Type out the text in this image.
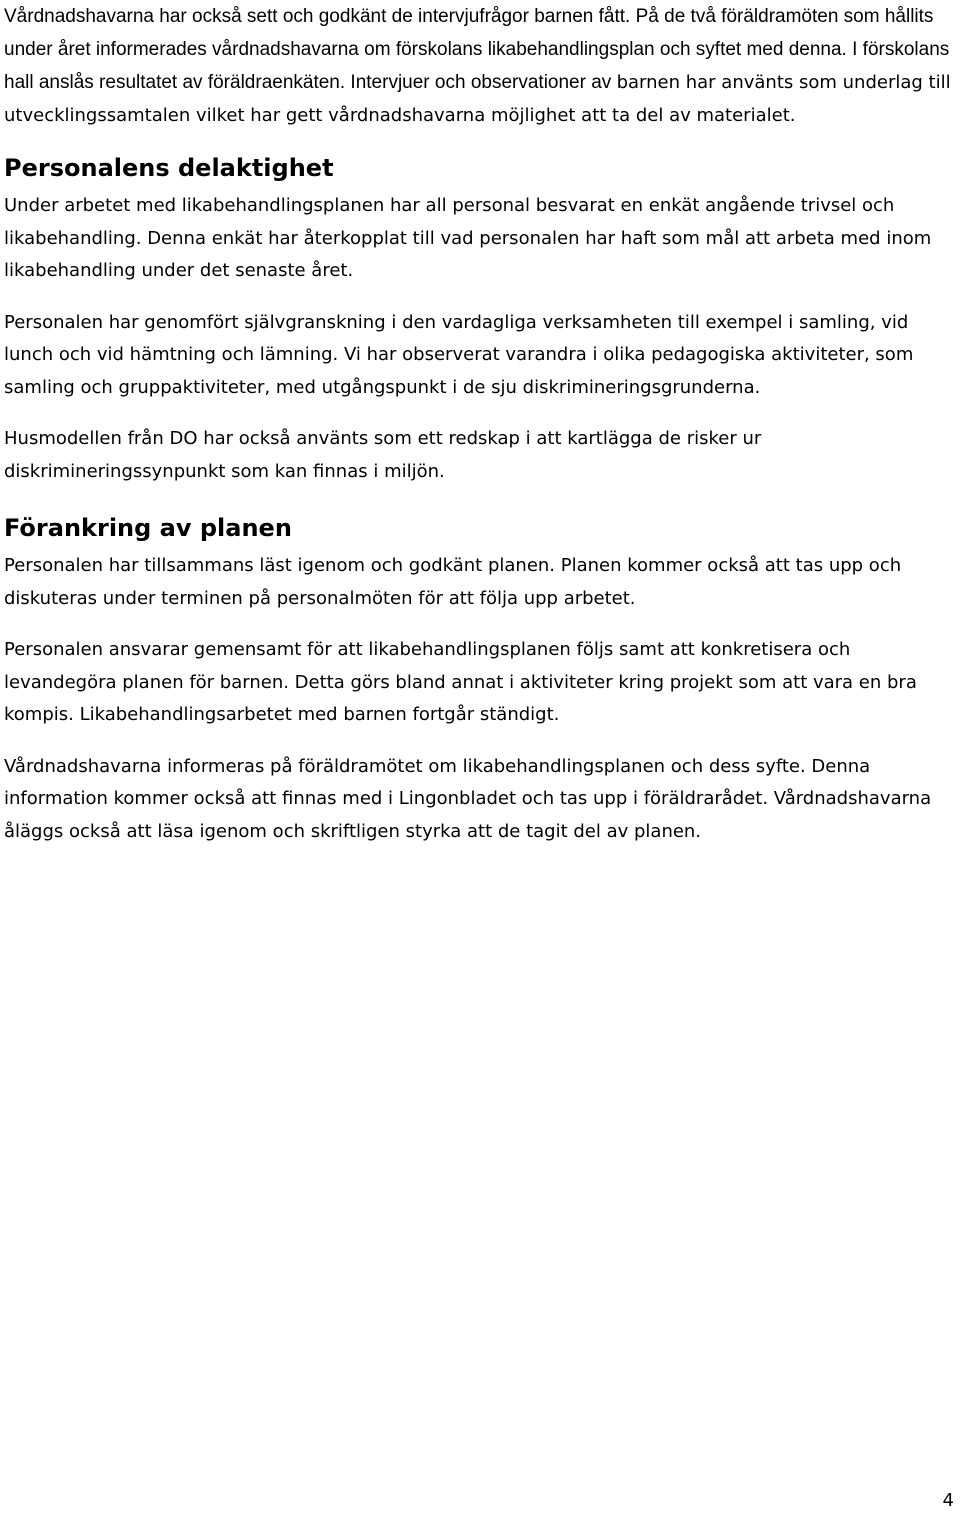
Vårdnadshavarna har också sett och godkänt de intervjufrågor barnen fått. På de två föräldramöten som hållits under året informerades vårdnadshavarna om förskolans likabehandlingsplan och syftet med denna. I förskolans hall anslås resultatet av föräldraenkäten. Intervjuer och observationer av barnen har använts som underlag till utvecklingssamtalen vilket har gett vårdnadshavarna möjlighet att ta del av materialet.

Personalens delaktighet

Under arbetet med likabehandlingsplanen har all personal besvarat en enkät angående trivsel och likabehandling. Denna enkät har återkopplat till vad personalen har haft som mål att arbeta med inom likabehandling under det senaste året.

Personalen har genomfört självgranskning i den vardagliga verksamheten till exempel i samling, vid lunch och vid hämtning och lämning. Vi har observerat varandra i olika pedagogiska aktiviteter, som samling och gruppaktiviteter, med utgångspunkt i de sju diskrimineringsgrunderna.

Husmodellen från DO har också använts som ett redskap i att kartlägga de risker ur diskrimineringssynpunkt som kan finnas i miljön.

Förankring av planen

Personalen har tillsammans läst igenom och godkänt planen. Planen kommer också att tas upp och diskuteras under terminen på personalmöten för att följa upp arbetet.

Personalen ansvarar gemensamt för att likabehandlingsplanen följs samt att konkretisera och levandegöra planen för barnen. Detta görs bland annat i aktiviteter kring projekt som att vara en bra kompis. Likabehandlingsarbetet med barnen fortgår ständigt.

Vårdnadshavarna informeras på föräldramötet om likabehandlingsplanen och dess syfte. Denna information kommer också att finnas med i Lingonbladet och tas upp i föräldrarådet. Vårdnadshavarna åläggs också att läsa igenom och skriftligen styrka att de tagit del av planen.

4
